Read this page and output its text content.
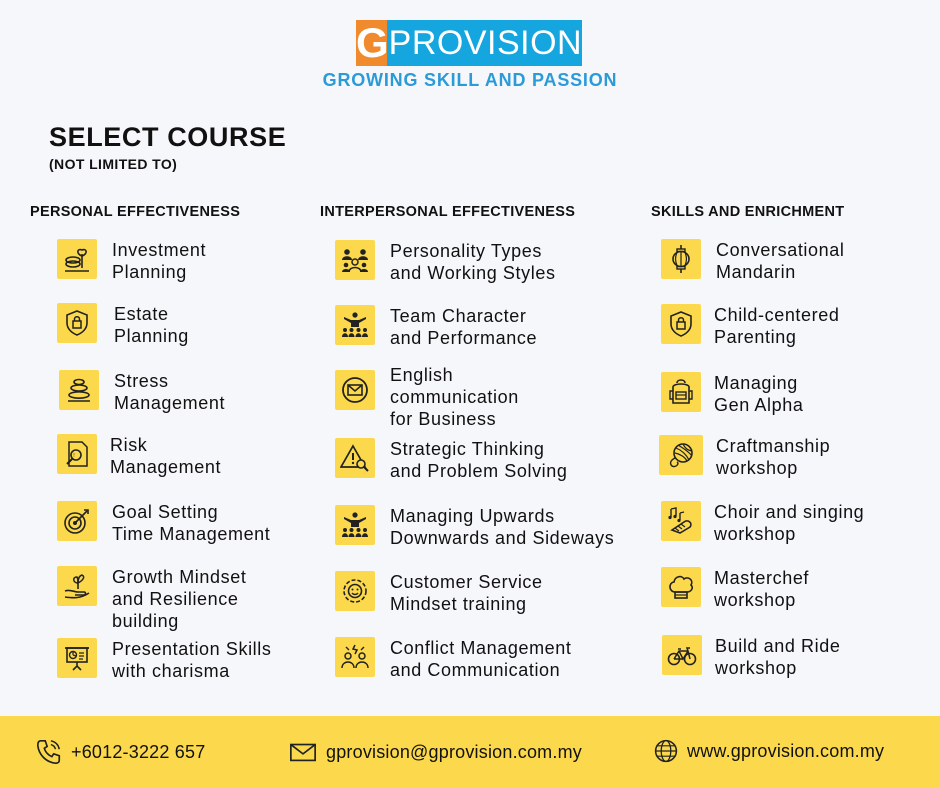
G PROVISION
GROWING SKILL AND PASSION
SELECT COURSE
(NOT LIMITED TO)
PERSONAL EFFECTIVENESS	INTERPERSONAL EFFECTIVENESS	SKILLS AND ENRICHMENT
Investment
Planning
Estate
Planning
Stress
Management
!
Risk
Management
Goal Setting
Time Management
Growth Mindset
and Resilience
building
Presentation Skills
with charisma
Personality Types
and Working Styles
Team Character
and Performance
English
communication
for Business
Strategic Thinking
and Problem Solving
Managing Upwards
Downwards and Sideways
Customer Service
Mindset training
Conflict Management
and Communication
Conversational
Mandarin
Child-centered
Parenting
Managing
Gen Alpha
Craftmanship
workshop
Choir and singing
workshop
Masterchef
workshop
Build and Ride
workshop
+6012-3222 657	gprovision@gprovision.com.my	www.gprovision.com.my
